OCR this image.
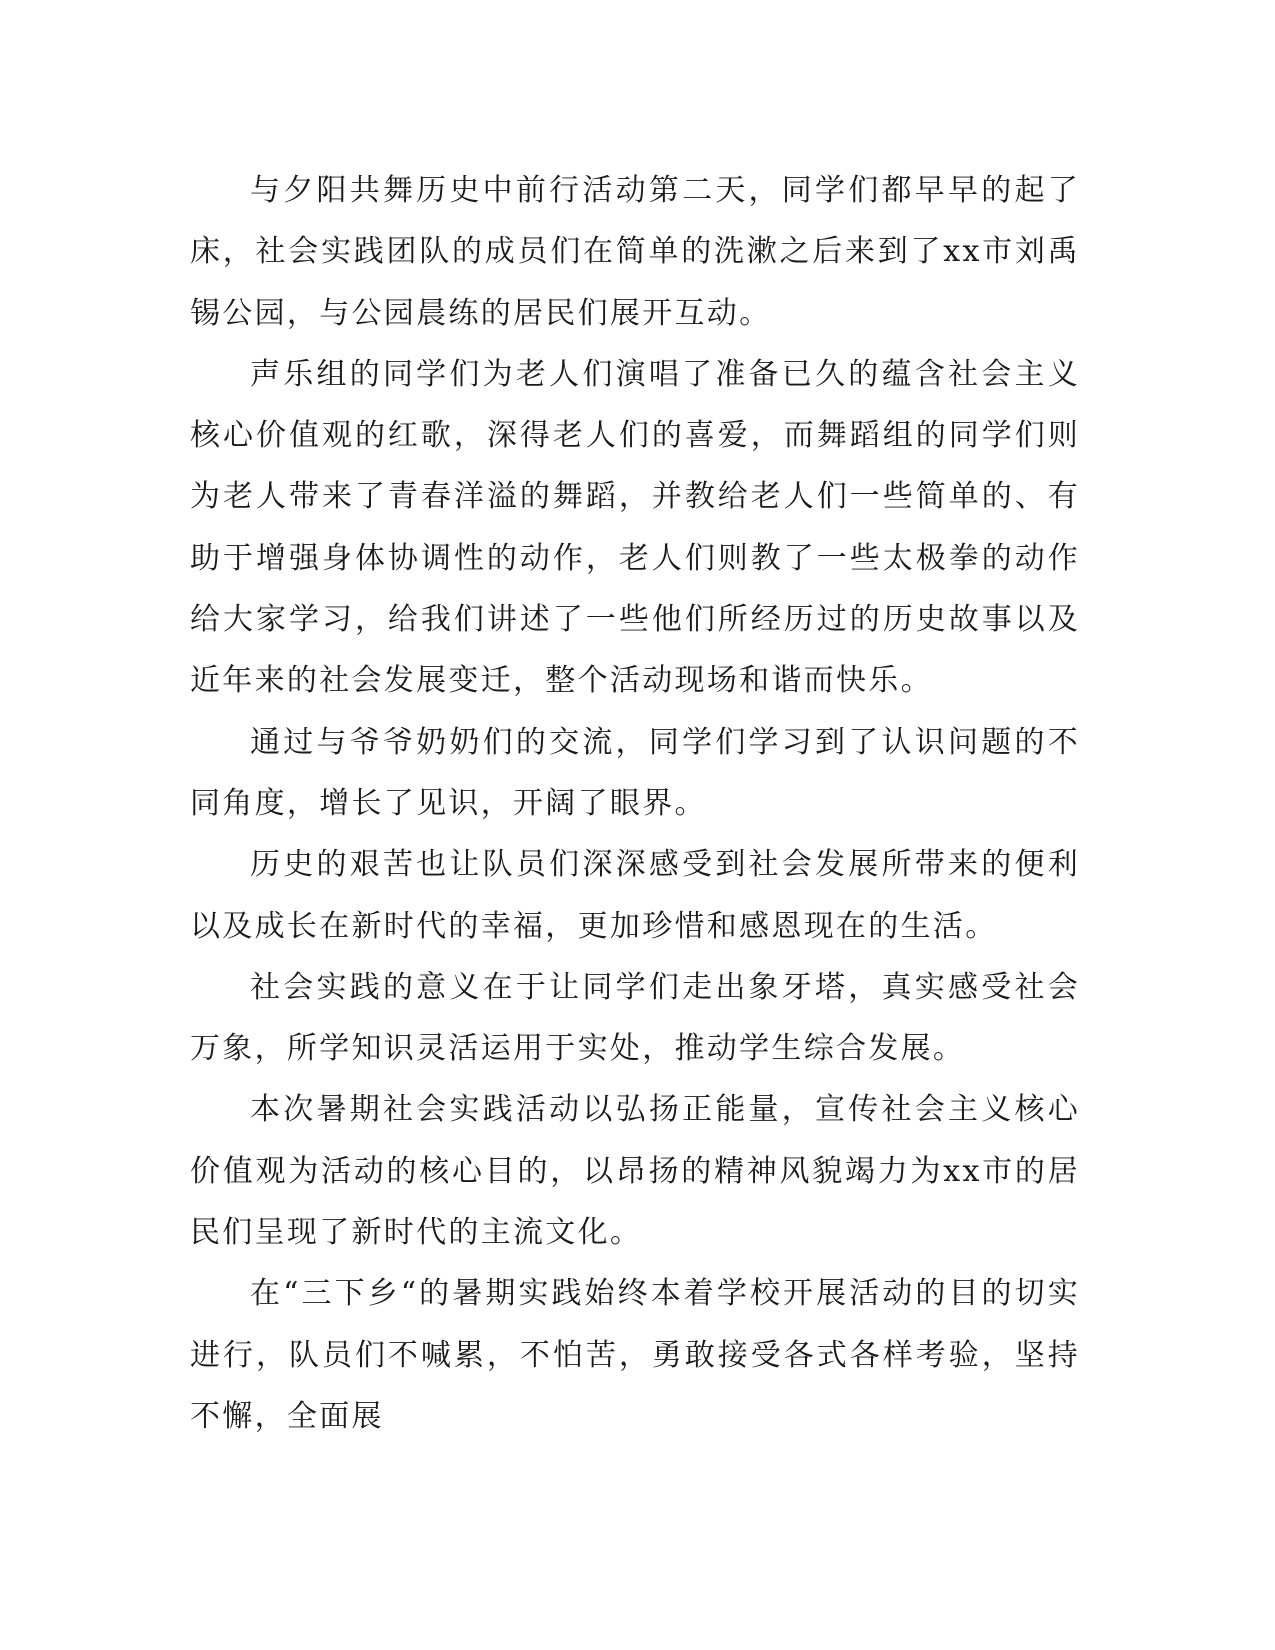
与夕阳共舞历史中前行活动第二天，同学们都早早的起了床，社会实践团队的成员们在简单的洗漱之后来到了xx市刘禹锡公园，与公园晨练的居民们展开互动。

声乐组的同学们为老人们演唱了准备已久的蕴含社会主义核心价值观的红歌，深得老人们的喜爱，而舞蹈组的同学们则为老人带来了青春洋溢的舞蹈，并教给老人们一些简单的、有助于增强身体协调性的动作，老人们则教了一些太极拳的动作给大家学习，给我们讲述了一些他们所经历过的历史故事以及近年来的社会发展变迁，整个活动现场和谐而快乐。

通过与爷爷奶奶们的交流，同学们学习到了认识问题的不同角度，增长了见识，开阔了眼界。

历史的艰苦也让队员们深深感受到社会发展所带来的便利以及成长在新时代的幸福，更加珍惜和感恩现在的生活。

社会实践的意义在于让同学们走出象牙塔，真实感受社会万象，所学知识灵活运用于实处，推动学生综合发展。

本次暑期社会实践活动以弘扬正能量，宣传社会主义核心价值观为活动的核心目的，以昂扬的精神风貌竭力为xx市的居民们呈现了新时代的主流文化。

在“三下乡“的暑期实践始终本着学校开展活动的目的切实进行，队员们不喊累，不怕苦，勇敢接受各式各样考验，坚持不懈，全面展
